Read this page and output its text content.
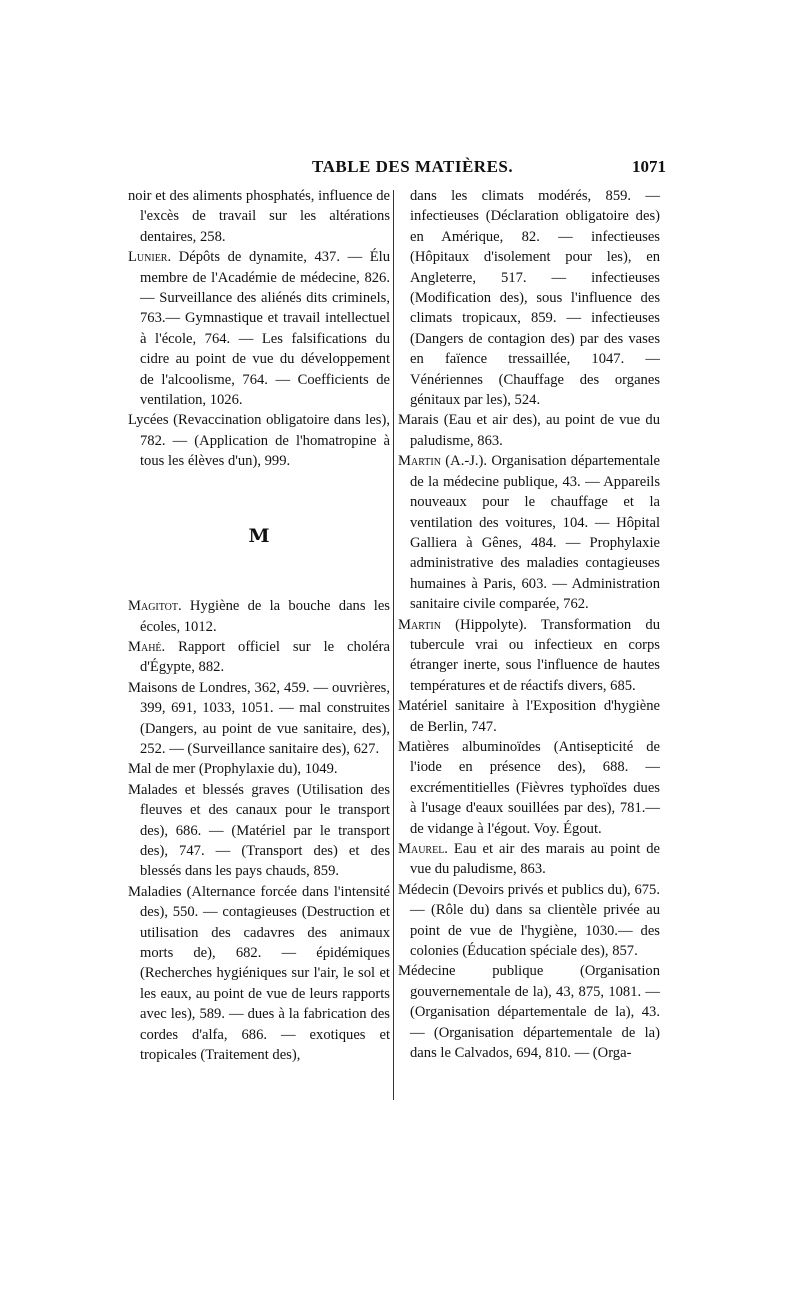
TABLE DES MATIÈRES.	1071

noir et des aliments phosphatés, influence de l'excès de travail sur les altérations dentaires, 258.

Lunier. Dépôts de dynamite, 437. — Élu membre de l'Académie de médecine, 826. — Surveillance des aliénés dits criminels, 763.— Gymnastique et travail intellectuel à l'école, 764. — Les falsifications du cidre au point de vue du développement de l'alcoolisme, 764. — Coefficients de ventilation, 1026.

Lycées (Revaccination obligatoire dans les), 782. — (Application de l'homatropine à tous les élèves d'un), 999.

M

Magitot. Hygiène de la bouche dans les écoles, 1012.

Mahé. Rapport officiel sur le choléra d'Égypte, 882.

Maisons de Londres, 362, 459. — ouvrières, 399, 691, 1033, 1051. — mal construites (Dangers, au point de vue sanitaire, des), 252. — (Surveillance sanitaire des), 627.

Mal de mer (Prophylaxie du), 1049.

Malades et blessés graves (Utilisation des fleuves et des canaux pour le transport des), 686. — (Matériel par le transport des), 747. — (Transport des) et des blessés dans les pays chauds, 859.

Maladies (Alternance forcée dans l'intensité des), 550. — contagieuses (Destruction et utilisation des cadavres des animaux morts de), 682. — épidémiques (Recherches hygiéniques sur l'air, le sol et les eaux, au point de vue de leurs rapports avec les), 589. — dues à la fabrication des cordes d'alfa, 686. — exotiques et tropicales (Traitement des),

dans les climats modérés, 859. — infectieuses (Déclaration obligatoire des) en Amérique, 82. — infectieuses (Hôpitaux d'isolement pour les), en Angleterre, 517. — infectieuses (Modification des), sous l'influence des climats tropicaux, 859. — infectieuses (Dangers de contagion des) par des vases en faïence tressaillée, 1047. — Vénériennes (Chauffage des organes génitaux par les), 524.

Marais (Eau et air des), au point de vue du paludisme, 863.

Martin (A.-J.). Organisation départementale de la médecine publique, 43. — Appareils nouveaux pour le chauffage et la ventilation des voitures, 104. — Hôpital Galliera à Gênes, 484. — Prophylaxie administrative des maladies contagieuses humaines à Paris, 603. — Administration sanitaire civile comparée, 762.

Martin (Hippolyte). Transformation du tubercule vrai ou infectieux en corps étranger inerte, sous l'influence de hautes températures et de réactifs divers, 685.

Matériel sanitaire à l'Exposition d'hygiène de Berlin, 747.

Matières albuminoïdes (Antisepticité de l'iode en présence des), 688. — excrémentitielles (Fièvres typhoïdes dues à l'usage d'eaux souillées par des), 781.— de vidange à l'égout. Voy. Égout.

Maurel. Eau et air des marais au point de vue du paludisme, 863.

Médecin (Devoirs privés et publics du), 675. — (Rôle du) dans sa clientèle privée au point de vue de l'hygiène, 1030.— des colonies (Éducation spéciale des), 857.

Médecine publique (Organisation gouvernementale de la), 43, 875, 1081. — (Organisation départementale de la), 43. — (Organisation départementale de la) dans le Calvados, 694, 810. — (Orga-
